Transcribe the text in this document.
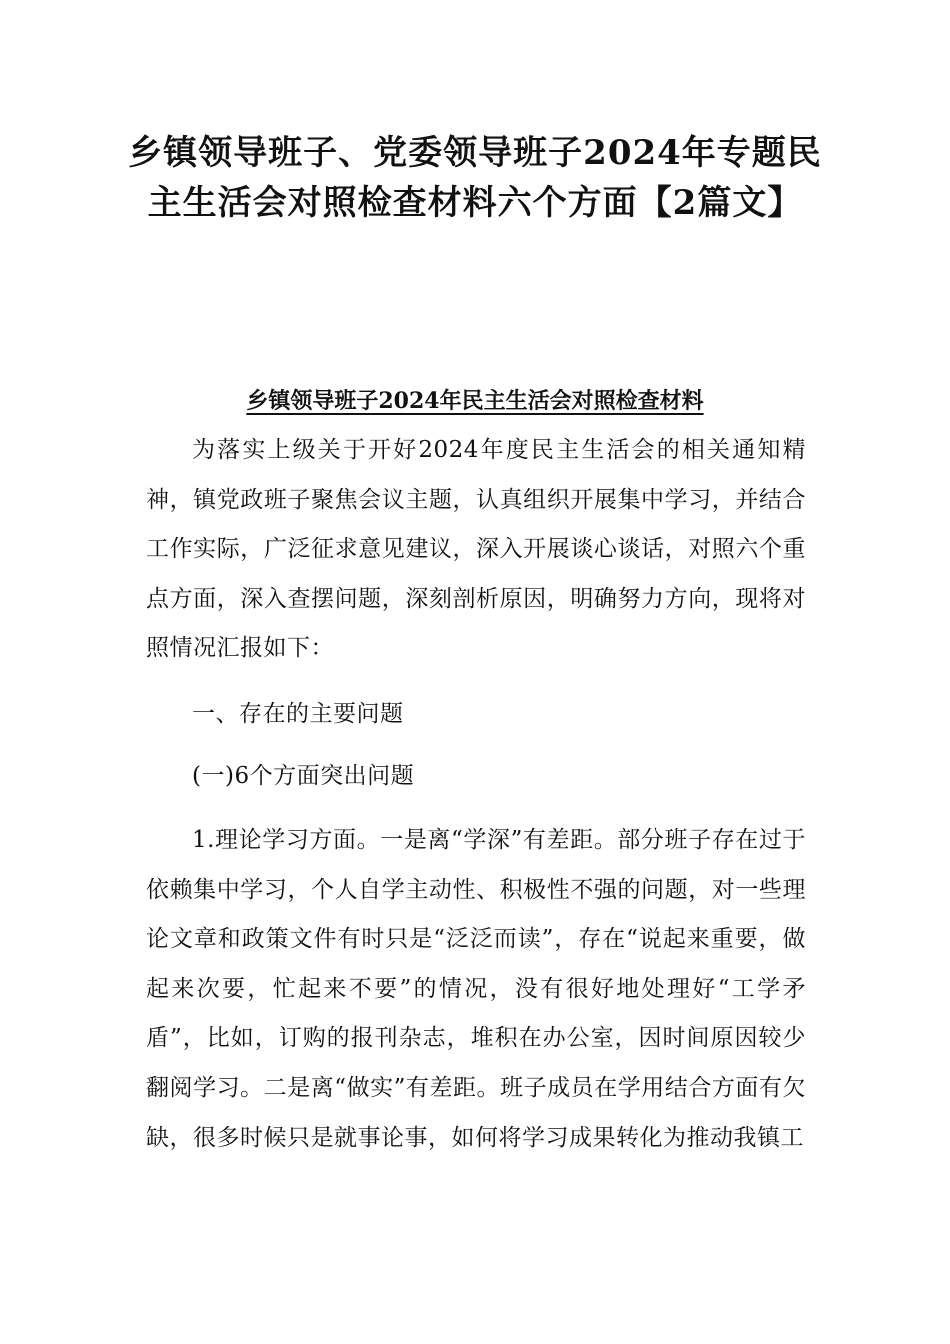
乡镇领导班子、党委领导班子2024年专题民主生活会对照检查材料六个方面【2篇文】
乡镇领导班子2024年民主生活会对照检查材料

为落实上级关于开好2024年度民主生活会的相关通知精神，镇党政班子聚焦会议主题，认真组织开展集中学习，并结合工作实际，广泛征求意见建议，深入开展谈心谈话，对照六个重点方面，深入查摆问题，深刻剖析原因，明确努力方向，现将对照情况汇报如下：

一、存在的主要问题

(一)6个方面突出问题

1.理论学习方面。一是离“学深”有差距。部分班子存在过于依赖集中学习，个人自学主动性、积极性不强的问题，对一些理论文章和政策文件有时只是“泛泛而读”，存在“说起来重要，做起来次要，忙起来不要”的情况，没有很好地处理好“工学矛盾”，比如，订购的报刊杂志，堆积在办公室，因时间原因较少翻阅学习。二是离“做实”有差距。班子成员在学用结合方面有欠缺，很多时候只是就事论事，如何将学习成果转化为推动我镇工
